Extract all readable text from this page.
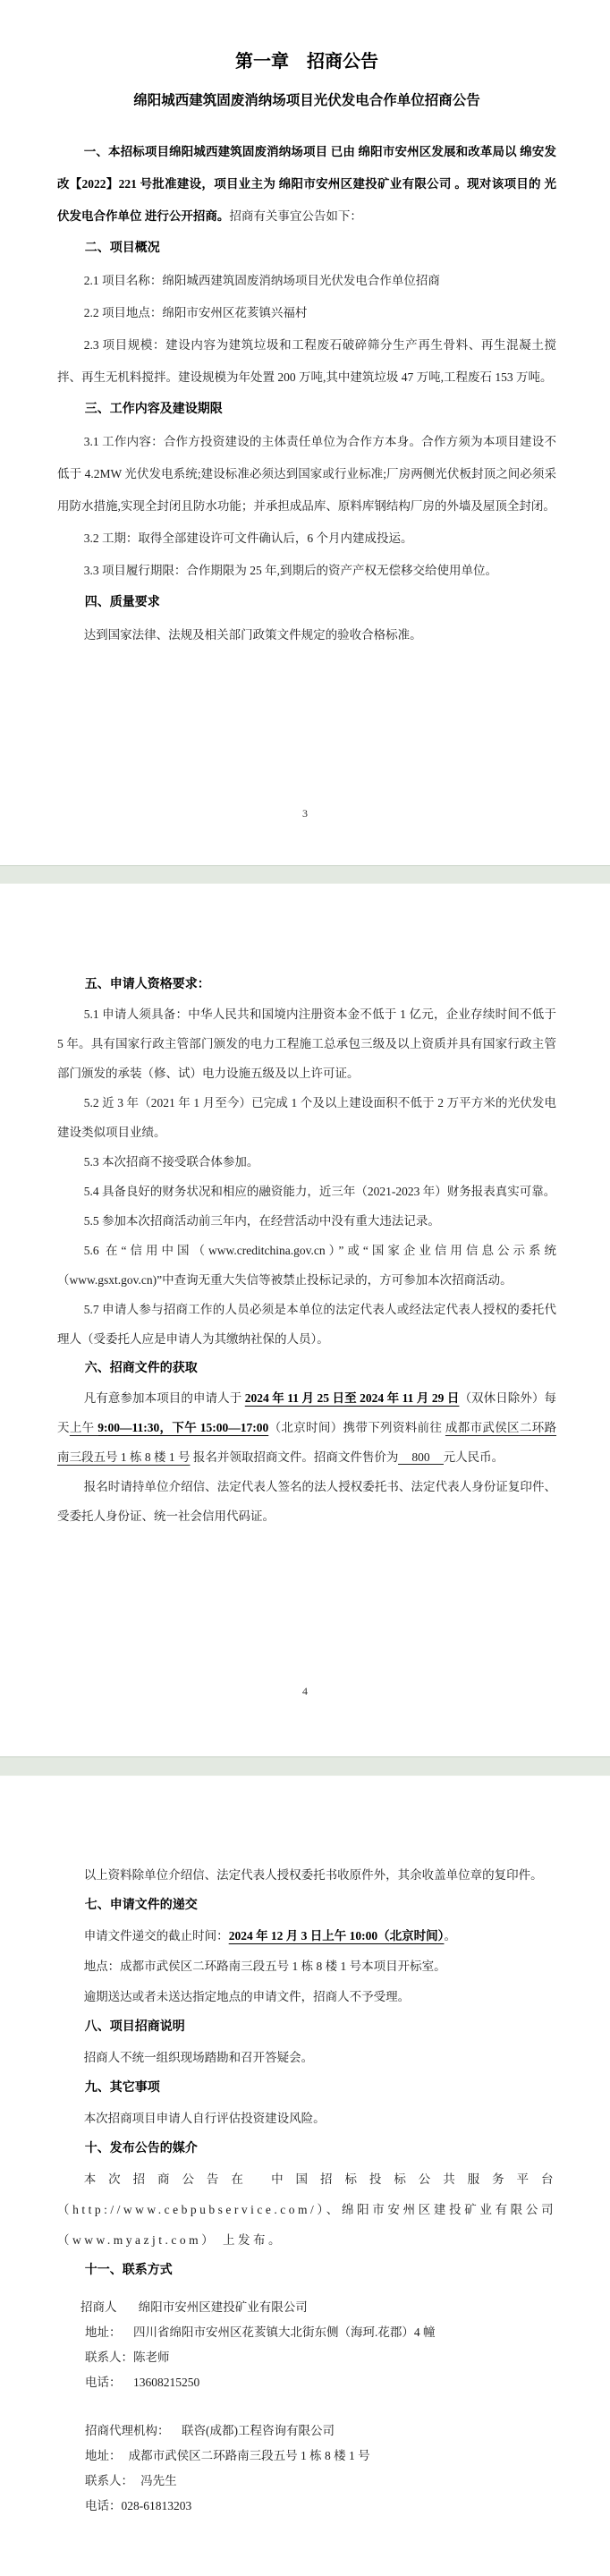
第一章　招商公告
绵阳城西建筑固废消纳场项目光伏发电合作单位招商公告

一、本招标项目绵阳城西建筑固废消纳场项目 已由 绵阳市安州区发展和改革局以 绵安发改【2022】221 号批准建设，项目业主为 绵阳市安州区建投矿业有限公司 。现对该项目的 光伏发电合作单位 进行公开招商。招商有关事宜公告如下：

二、项目概况

2.1 项目名称：绵阳城西建筑固废消纳场项目光伏发电合作单位招商

2.2 项目地点：绵阳市安州区花荄镇兴福村

2.3 项目规模：建设内容为建筑垃圾和工程废石破碎筛分生产再生骨料、再生混凝土搅拌、再生无机料搅拌。建设规模为年处置 200 万吨,其中建筑垃圾 47 万吨,工程废石 153 万吨。

三、工作内容及建设期限

3.1 工作内容：合作方投资建设的主体责任单位为合作方本身。合作方须为本项目建设不低于 4.2MW 光伏发电系统;建设标准必须达到国家或行业标准;厂房两侧光伏板封顶之间必须采用防水措施,实现全封闭且防水功能；并承担成品库、原料库钢结构厂房的外墙及屋顶全封闭。

3.2 工期：取得全部建设许可文件确认后，6 个月内建成投运。

3.3 项目履行期限：合作期限为 25 年,到期后的资产产权无偿移交给使用单位。

四、质量要求

达到国家法律、法规及相关部门政策文件规定的验收合格标准。

3

五、申请人资格要求：

5.1 申请人须具备：中华人民共和国境内注册资本金不低于 1 亿元，企业存续时间不低于 5 年。具有国家行政主管部门颁发的电力工程施工总承包三级及以上资质并具有国家行政主管部门颁发的承装（修、试）电力设施五级及以上许可证。

5.2 近 3 年（2021 年 1 月至今）已完成 1 个及以上建设面积不低于 2 万平方米的光伏发电建设类似项目业绩。

5.3 本次招商不接受联合体参加。

5.4 具备良好的财务状况和相应的融资能力，近三年（2021-2023 年）财务报表真实可靠。

5.5 参加本次招商活动前三年内，在经营活动中没有重大违法记录。

5.6 在“信用中国（www.creditchina.gov.cn）”或“国家企业信用信息公示系统（www.gsxt.gov.cn)”中查询无重大失信等被禁止投标记录的，方可参加本次招商活动。

5.7 申请人参与招商工作的人员必须是本单位的法定代表人或经法定代表人授权的委托代理人（受委托人应是申请人为其缴纳社保的人员）。

六、招商文件的获取

凡有意参加本项目的申请人于 2024 年 11 月 25 日至 2024 年 11 月 29 日（双休日除外）每天上午 9:00—11:30，下午 15:00—17:00（北京时间）携带下列资料前往 成都市武侯区二环路南三段五号 1 栋 8 楼 1 号 报名并领取招商文件。招商文件售价为 800 元人民币。

报名时请持单位介绍信、法定代表人签名的法人授权委托书、法定代表人身份证复印件、受委托人身份证、统一社会信用代码证。

4

以上资料除单位介绍信、法定代表人授权委托书收原件外，其余收盖单位章的复印件。

七、申请文件的递交

申请文件递交的截止时间：2024 年 12 月 3 日上午 10:00（北京时间）。

地点：成都市武侯区二环路南三段五号 1 栋 8 楼 1 号本项目开标室。

逾期送达或者未送达指定地点的申请文件，招商人不予受理。

八、项目招商说明

招商人不统一组织现场踏勘和召开答疑会。

九、其它事项

本次招商项目申请人自行评估投资建设风险。

十、发布公告的媒介

本次招商公告在 中国招标投标公共服务平台（http://www.cebpubservice.com/）、绵阳市安州区建投矿业有限公司（www.myazjt.com） 上发布。

十一、联系方式

招商人 绵阳市安州区建投矿业有限公司

地址： 四川省绵阳市安州区花荄镇大北街东侧（海珂.花郡）4 幢

联系人：陈老师

电话： 13608215250

招商代理机构： 联咨(成都)工程咨询有限公司

地址： 成都市武侯区二环路南三段五号 1 栋 8 楼 1 号

联系人： 冯先生

电话：028-61813203
